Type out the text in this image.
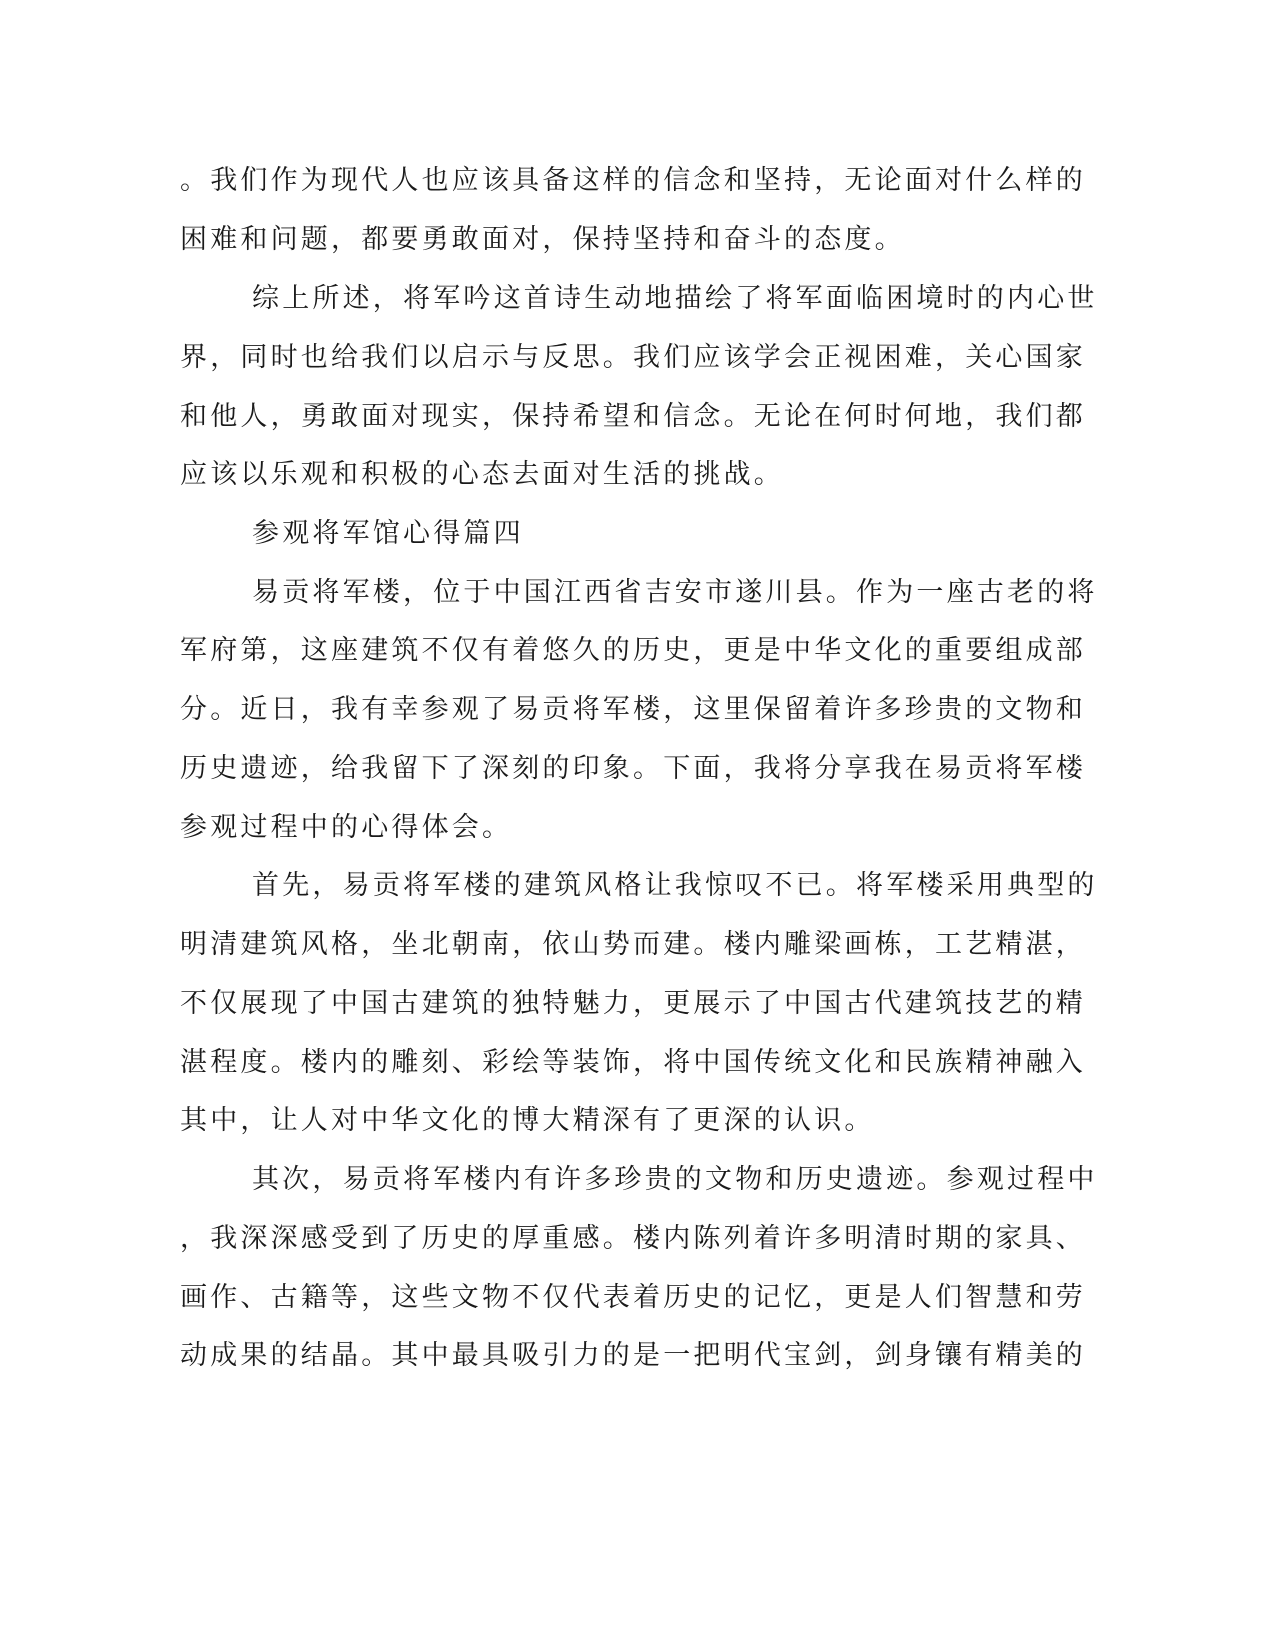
。我们作为现代人也应该具备这样的信念和坚持，无论面对什么样的
困难和问题，都要勇敢面对，保持坚持和奋斗的态度。
综上所述，将军吟这首诗生动地描绘了将军面临困境时的内心世
界，同时也给我们以启示与反思。我们应该学会正视困难，关心国家
和他人，勇敢面对现实，保持希望和信念。无论在何时何地，我们都
应该以乐观和积极的心态去面对生活的挑战。
参观将军馆心得篇四
易贡将军楼，位于中国江西省吉安市遂川县。作为一座古老的将
军府第，这座建筑不仅有着悠久的历史，更是中华文化的重要组成部
分。近日，我有幸参观了易贡将军楼，这里保留着许多珍贵的文物和
历史遗迹，给我留下了深刻的印象。下面，我将分享我在易贡将军楼
参观过程中的心得体会。
首先，易贡将军楼的建筑风格让我惊叹不已。将军楼采用典型的
明清建筑风格，坐北朝南，依山势而建。楼内雕梁画栋，工艺精湛，
不仅展现了中国古建筑的独特魅力，更展示了中国古代建筑技艺的精
湛程度。楼内的雕刻、彩绘等装饰，将中国传统文化和民族精神融入
其中，让人对中华文化的博大精深有了更深的认识。
其次，易贡将军楼内有许多珍贵的文物和历史遗迹。参观过程中
，我深深感受到了历史的厚重感。楼内陈列着许多明清时期的家具、
画作、古籍等，这些文物不仅代表着历史的记忆，更是人们智慧和劳
动成果的结晶。其中最具吸引力的是一把明代宝剑，剑身镶有精美的
